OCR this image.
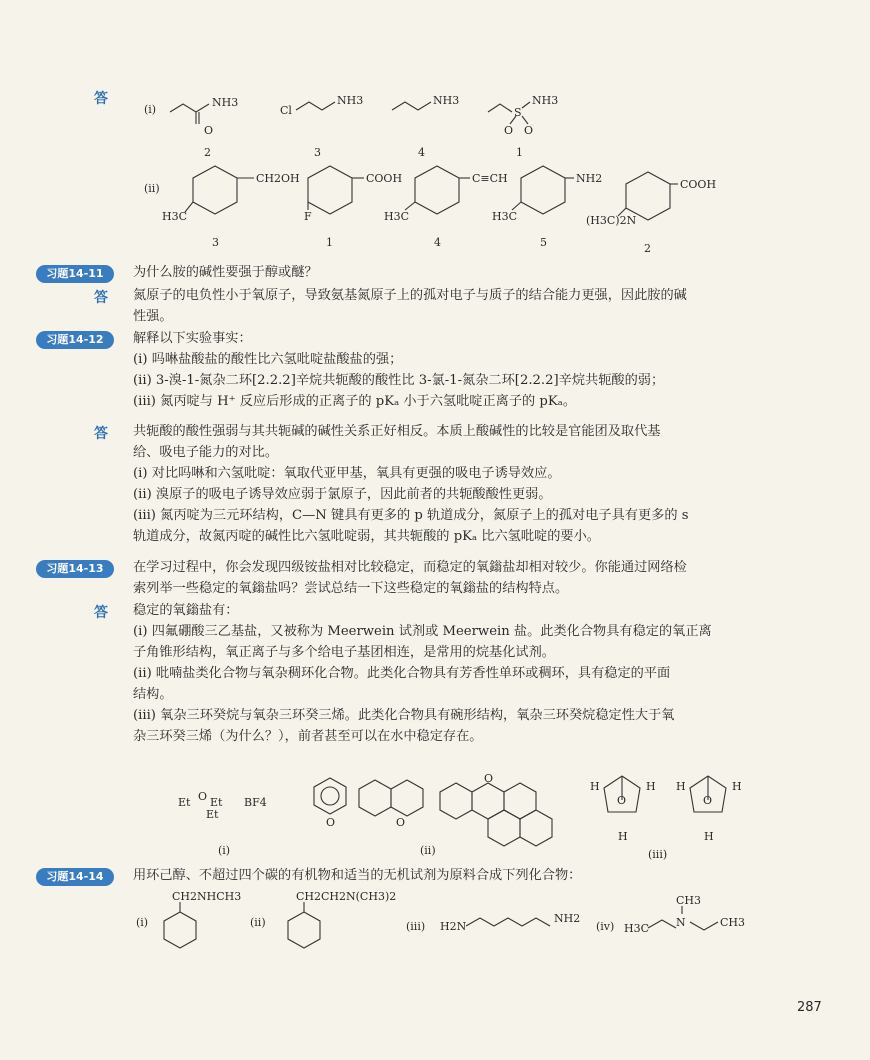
答
习题14-11	为什么胺的碱性要强于醇或醚？

答 氮原子的电负性小于氧原子，导致氨基氮原子上的孤对电子与质子的结合能力更强，因此胺的碱
性强。

习题14-12	解释以下实验事实：
(i) 吗啉盐酸盐的酸性比六氢吡啶盐酸盐的强；
(ii) 3-溴-1-氮杂二环[2.2.2]辛烷共轭酸的酸性比 3-氯-1-氮杂二环[2.2.2]辛烷共轭酸的弱；
(iii) 氮丙啶与 H⁺ 反应后形成的正离子的 pKₐ 小于六氢吡啶正离子的 pKₐ。

答 共轭酸的酸性强弱与其共轭碱的碱性关系正好相反。本质上酸碱性的比较是官能团及取代基
给、吸电子能力的对比。
(i) 对比吗啉和六氢吡啶：氧取代亚甲基，氧具有更强的吸电子诱导效应。
(ii) 溴原子的吸电子诱导效应弱于氯原子，因此前者的共轭酸酸性更弱。
(iii) 氮丙啶为三元环结构，C—N 键具有更多的 p 轨道成分，氮原子上的孤对电子具有更多的 s
轨道成分，故氮丙啶的碱性比六氢吡啶弱，其共轭酸的 pKₐ 比六氢吡啶的要小。

习题14-13	在学习过程中，你会发现四级铵盐相对比较稳定，而稳定的氧鎓盐却相对较少。你能通过网络检
索列举一些稳定的氧鎓盐吗？尝试总结一下这些稳定的氧鎓盐的结构特点。

答 稳定的氧鎓盐有：
(i) 四氟硼酸三乙基盐，又被称为 Meerwein 试剂或 Meerwein 盐。此类化合物具有稳定的氧正离
子角锥形结构，氧正离子与多个给电子基团相连，是常用的烷基化试剂。
(ii) 吡喃盐类化合物与氧杂稠环化合物。此类化合物具有芳香性单环或稠环，具有稳定的平面
结构。
(iii) 氧杂三环癸烷与氧杂三环癸三烯。此类化合物具有碗形结构，氧杂三环癸烷稳定性大于氧
杂三环癸三烯（为什么？），前者甚至可以在水中稳定存在。

习题14-14	用环己醇、不超过四个碳的有机物和适当的无机试剂为原料合成下列化合物：

(i)
NH3
O
Cl
NH3	NH3
S
NH3
O O
2	3	4	1
(ii)
CH2OH
H3C
COOH
F
C≡CH
H3C
NH2
H3C
COOH
(H3C)2N
3	1	4	5	2
Et O Et
Et
BF4
O	O
O
O	O
H	H
H
H	H
H
(i)	(ii)	(iii)
(i)
CH2NHCH3
(ii)
CH2CH2N(CH3)2
(iii) H2N
NH2
(iv) H3C N
CH3
CH3
287
